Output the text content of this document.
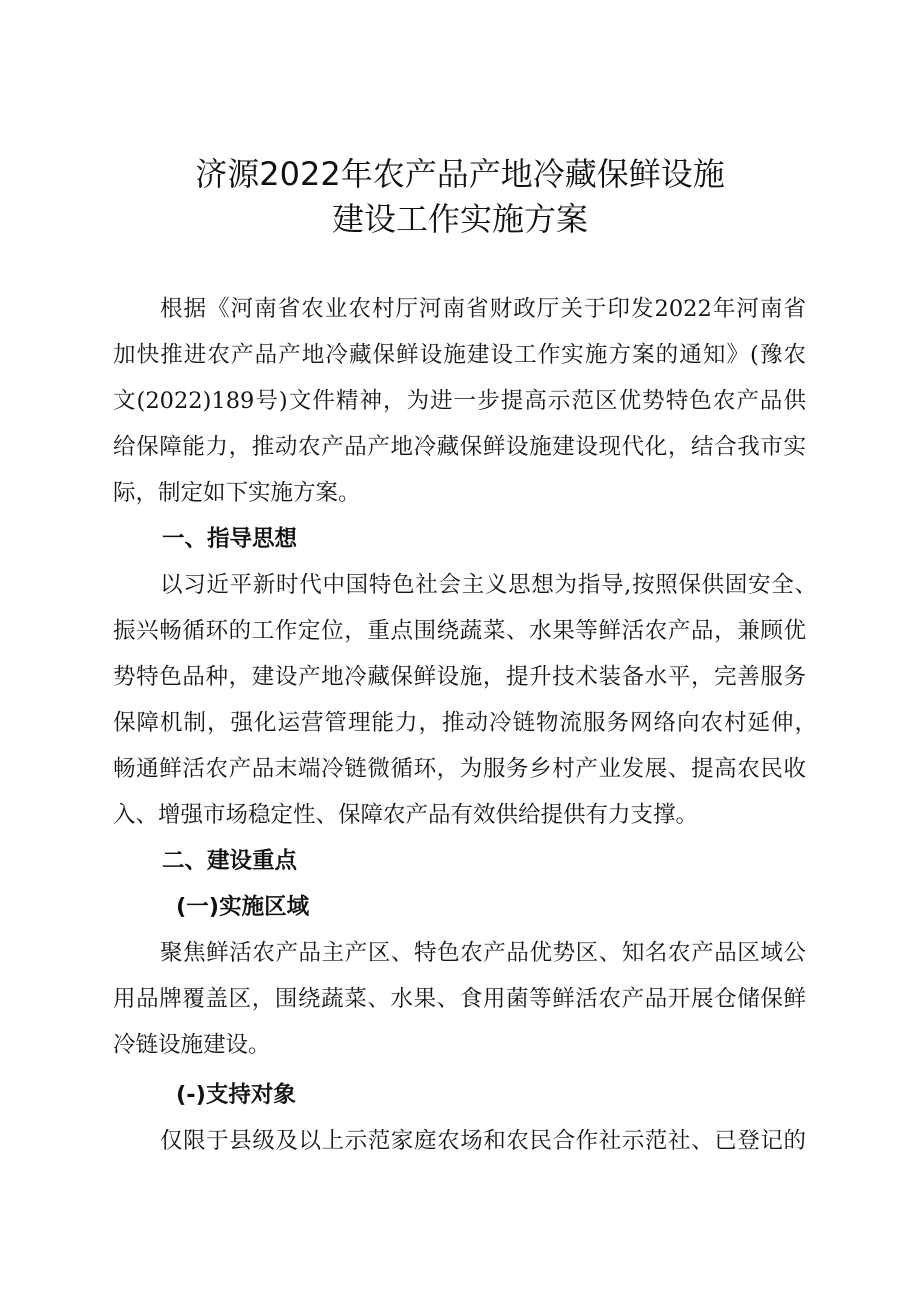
济源2022年农产品产地冷藏保鲜设施
建设工作实施方案
根据《河南省农业农村厅河南省财政厅关于印发2022年河南省
加快推进农产品产地冷藏保鲜设施建设工作实施方案的通知》(豫农
文(2022)189号)文件精神，为进一步提高示范区优势特色农产品供
给保障能力，推动农产品产地冷藏保鲜设施建设现代化，结合我市实
际，制定如下实施方案。
一、指导思想
以习近平新时代中国特色社会主义思想为指导,按照保供固安全、
振兴畅循环的工作定位，重点围绕蔬菜、水果等鲜活农产品，兼顾优
势特色品种，建设产地冷藏保鲜设施，提升技术装备水平，完善服务
保障机制，强化运营管理能力，推动冷链物流服务网络向农村延伸，
畅通鲜活农产品末端冷链微循环，为服务乡村产业发展、提高农民收
入、增强市场稳定性、保障农产品有效供给提供有力支撑。
二、建设重点
(一)实施区域
聚焦鲜活农产品主产区、特色农产品优势区、知名农产品区域公
用品牌覆盖区，围绕蔬菜、水果、食用菌等鲜活农产品开展仓储保鲜
冷链设施建设。
(-)支持对象
仅限于县级及以上示范家庭农场和农民合作社示范社、已登记的
